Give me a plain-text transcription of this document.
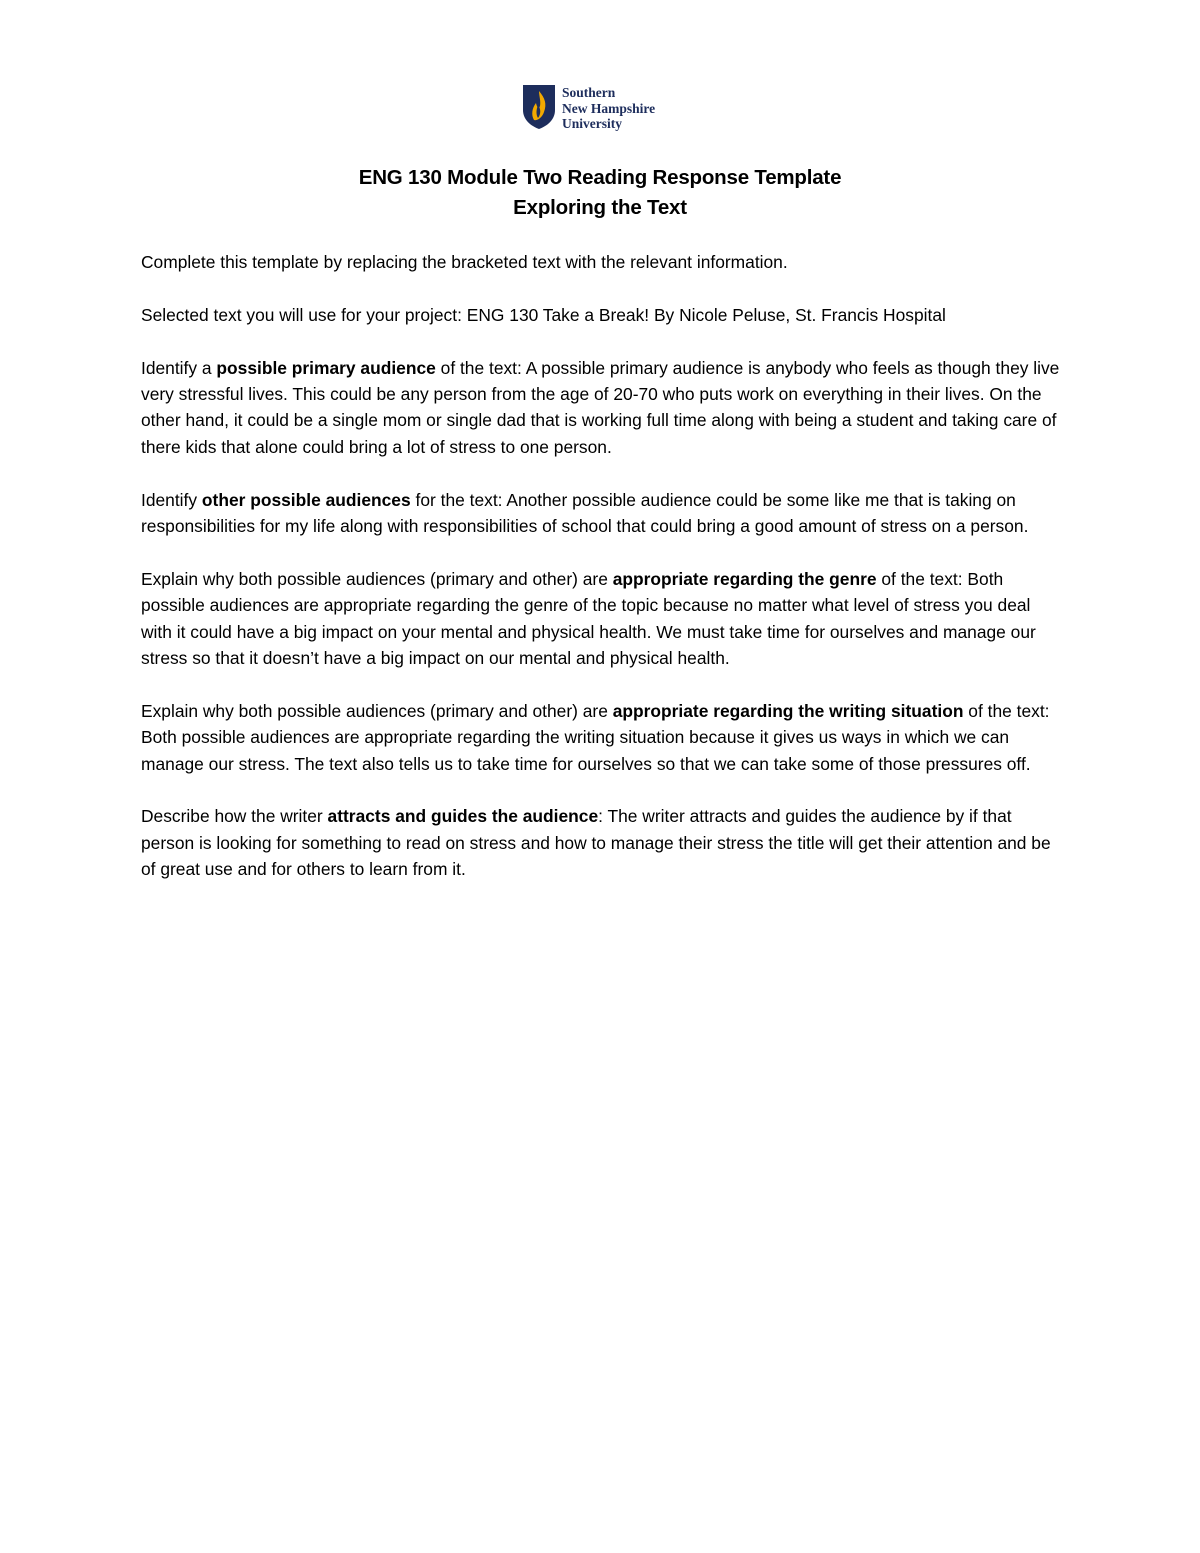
Southern
New Hampshire
University
ENG 130 Module Two Reading Response Template
Exploring the Text

Complete this template by replacing the bracketed text with the relevant information.

Selected text you will use for your project: ENG 130 Take a Break! By Nicole Peluse, St. Francis Hospital

Identify a possible primary audience of the text: A possible primary audience is anybody who feels as though they live very stressful lives. This could be any person from the age of 20-70 who puts work on everything in their lives. On the other hand, it could be a single mom or single dad that is working full time along with being a student and taking care of there kids that alone could bring a lot of stress to one person.

Identify other possible audiences for the text: Another possible audience could be some like me that is taking on responsibilities for my life along with responsibilities of school that could bring a good amount of stress on a person.

Explain why both possible audiences (primary and other) are appropriate regarding the genre of the text: Both possible audiences are appropriate regarding the genre of the topic because no matter what level of stress you deal with it could have a big impact on your mental and physical health. We must take time for ourselves and manage our stress so that it doesn’t have a big impact on our mental and physical health.

Explain why both possible audiences (primary and other) are appropriate regarding the writing situation of the text: Both possible audiences are appropriate regarding the writing situation because it gives us ways in which we can manage our stress. The text also tells us to take time for ourselves so that we can take some of those pressures off.

Describe how the writer attracts and guides the audience: The writer attracts and guides the audience by if that person is looking for something to read on stress and how to manage their stress the title will get their attention and be of great use and for others to learn from it.
